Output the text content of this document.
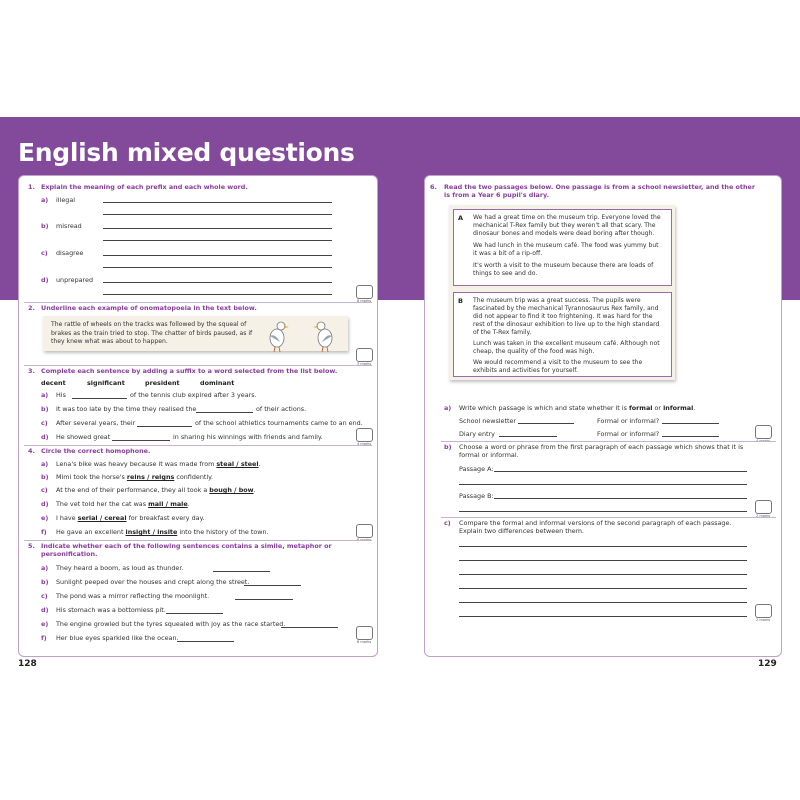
English mixed questions
1. Explain the meaning of each prefix and each whole word.
a) illegal
b) misread
c) disagree
d) unprepared
8 marks
2. Underline each example of onomatopoeia in the text below.
The rattle of wheels on the tracks was followed by the squeal of
brakes as the train tried to stop. The chatter of birds paused, as if
they knew what was about to happen.
3 marks
3. Complete each sentence by adding a suffix to a word selected from the list below.
decent	significant	president	dominant
a) His	of the tennis club expired after 3 years.
b) It was too late by the time they realised the	of their actions.
c) After several years, their	of the school athletics tournaments came to an end.
d) He showed great	in sharing his winnings with friends and family.
4 marks
4. Circle the correct homophone.
a) Lena's bike was heavy because it was made from steal / steel.
b) Mimi took the horse's reins / reigns confidently.
c) At the end of their performance, they all took a bough / bow.
d) The vet told her the cat was mail / male.
e) I have serial / cereal for breakfast every day.
f) He gave an excellent insight / insite into the history of the town.
6 marks
5. Indicate whether each of the following sentences contains a simile, metaphor or
personification.
a) They heard a boom, as loud as thunder.
b) Sunlight peeped over the houses and crept along the street.
c) The pond was a mirror reflecting the moonlight.
d) His stomach was a bottomless pit.
e) The engine growled but the tyres squealed with joy as the race started.
f) Her blue eyes sparkled like the ocean.	6 marks
128
6. Read the two passages below. One passage is from a school newsletter, and the other
is from a Year 6 pupil's diary.
A We had a great time on the museum trip. Everyone loved the
mechanical T-Rex family but they weren't all that scary. The
dinosaur bones and models were dead boring after though.
We had lunch in the museum café. The food was yummy but
it was a bit of a rip-off.
It's worth a visit to the museum because there are loads of
things to see and do.
B The museum trip was a great success. The pupils were
fascinated by the mechanical Tyrannosaurus Rex family, and
did not appear to find it too frightening. It was hard for the
rest of the dinosaur exhibition to live up to the high standard
of the T-Rex family.
Lunch was taken in the excellent museum café. Although not
cheap, the quality of the food was high.
We would recommend a visit to the museum to see the
exhibits and activities for yourself.
a) Write which passage is which and state whether it is formal or informal.
School newsletter	Formal or informal?
Diary entry	Formal or informal?
4 marks
b) Choose a word or phrase from the first paragraph of each passage which shows that it is
formal or informal.
Passage A:
Passage B:
2 marks
c) Compare the formal and informal versions of the second paragraph of each passage.
Explain two differences between them.
2 marks
129
